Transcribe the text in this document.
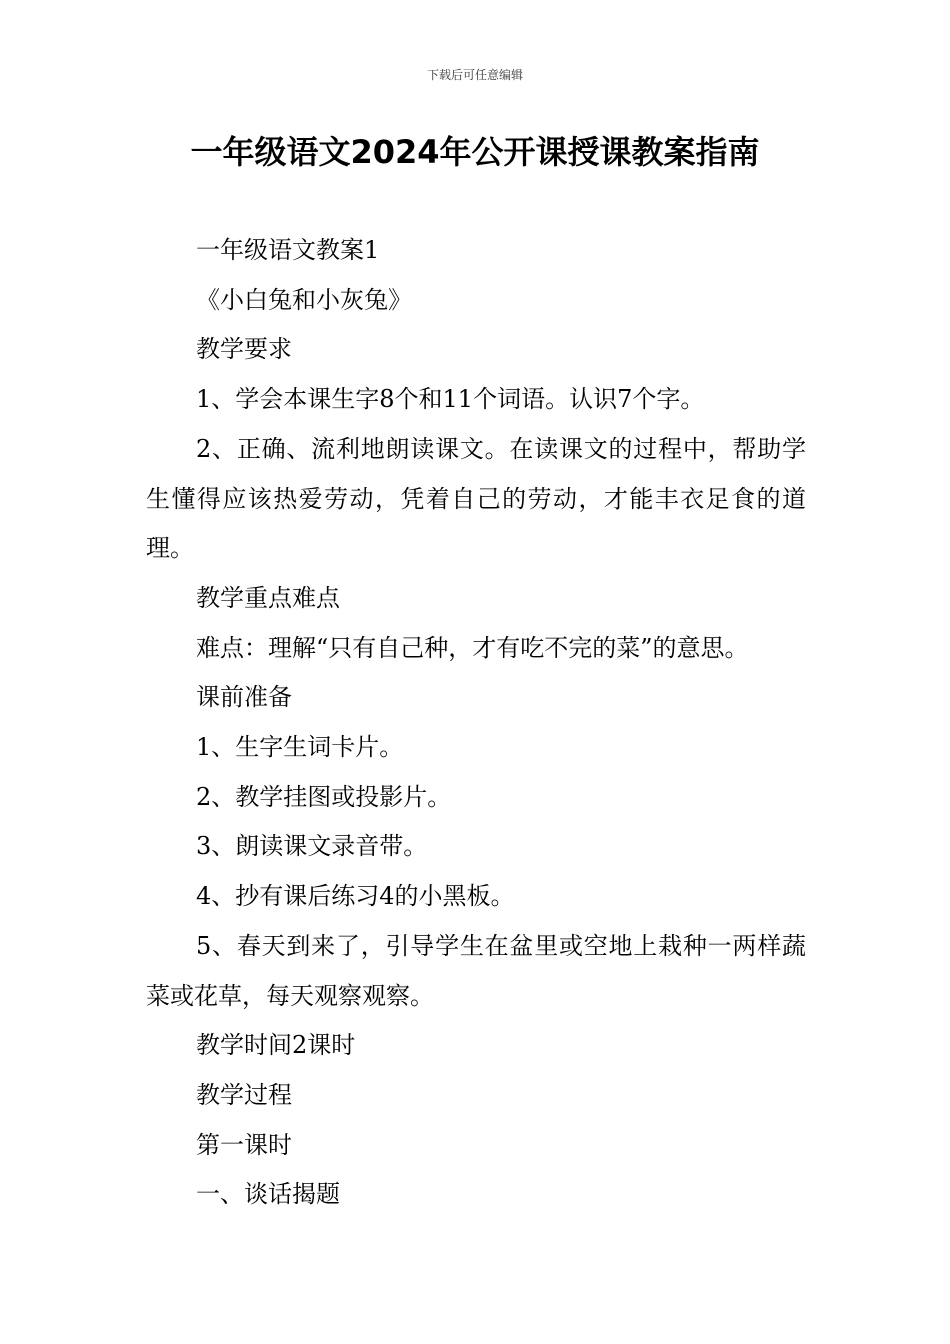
下载后可任意编辑
一年级语文2024年公开课授课教案指南

一年级语文教案1

《小白兔和小灰兔》

教学要求

1、学会本课生字8个和11个词语。认识7个字。

2、正确、流利地朗读课文。在读课文的过程中，帮助学生懂得应该热爱劳动，凭着自己的劳动，才能丰衣足食的道理。

教学重点难点

难点：理解“只有自己种，才有吃不完的菜”的意思。

课前准备

1、生字生词卡片。

2、教学挂图或投影片。

3、朗读课文录音带。

4、抄有课后练习4的小黑板。

5、春天到来了，引导学生在盆里或空地上栽种一两样蔬菜或花草，每天观察观察。

教学时间2课时

教学过程

第一课时

一、谈话揭题
